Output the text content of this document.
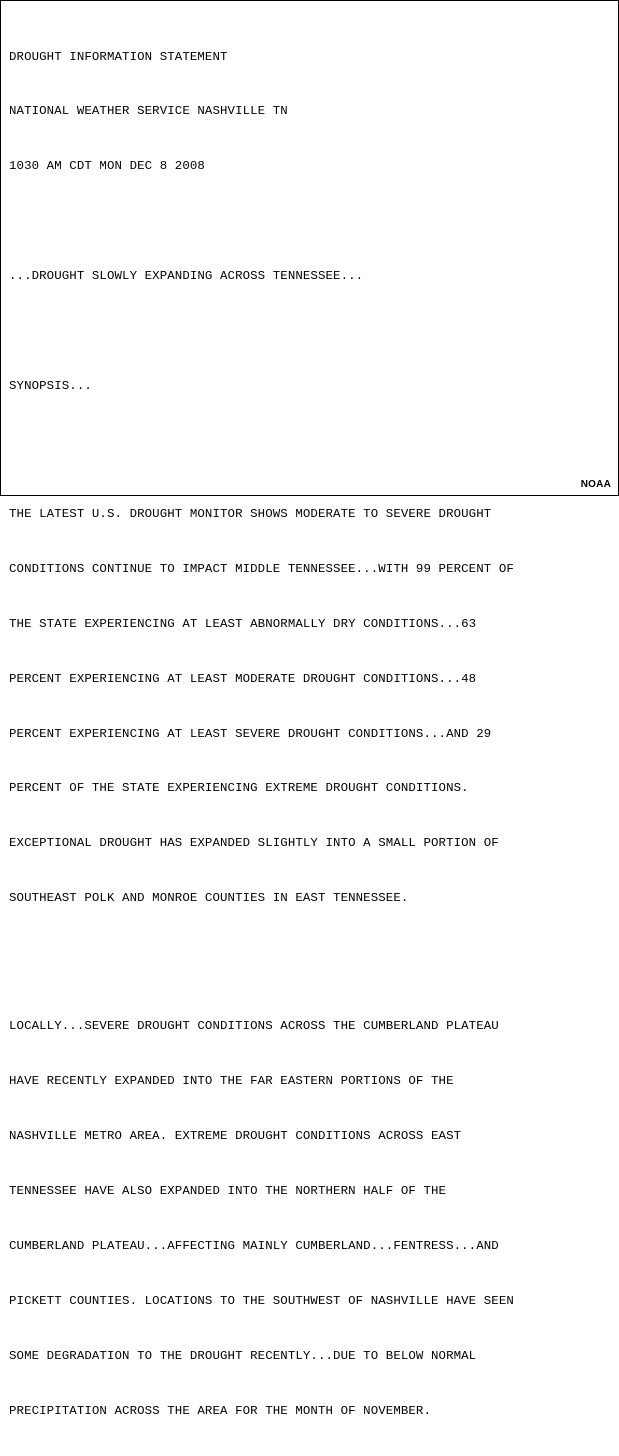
DROUGHT INFORMATION STATEMENT

NATIONAL WEATHER SERVICE NASHVILLE TN

1030 AM CDT MON DEC 8 2008

...DROUGHT SLOWLY EXPANDING ACROSS TENNESSEE...

SYNOPSIS...

THE LATEST U.S. DROUGHT MONITOR SHOWS MODERATE TO SEVERE DROUGHT

CONDITIONS CONTINUE TO IMPACT MIDDLE TENNESSEE...WITH 99 PERCENT OF

THE STATE EXPERIENCING AT LEAST ABNORMALLY DRY CONDITIONS...63

PERCENT EXPERIENCING AT LEAST MODERATE DROUGHT CONDITIONS...48

PERCENT EXPERIENCING AT LEAST SEVERE DROUGHT CONDITIONS...AND 29

PERCENT OF THE STATE EXPERIENCING EXTREME DROUGHT CONDITIONS.

EXCEPTIONAL DROUGHT HAS EXPANDED SLIGHTLY INTO A SMALL PORTION OF

SOUTHEAST POLK AND MONROE COUNTIES IN EAST TENNESSEE.

LOCALLY...SEVERE DROUGHT CONDITIONS ACROSS THE CUMBERLAND PLATEAU

HAVE RECENTLY EXPANDED INTO THE FAR EASTERN PORTIONS OF THE

NASHVILLE METRO AREA. EXTREME DROUGHT CONDITIONS ACROSS EAST

TENNESSEE HAVE ALSO EXPANDED INTO THE NORTHERN HALF OF THE

CUMBERLAND PLATEAU...AFFECTING MAINLY CUMBERLAND...FENTRESS...AND

PICKETT COUNTIES. LOCATIONS TO THE SOUTHWEST OF NASHVILLE HAVE SEEN

SOME DEGRADATION TO THE DROUGHT RECENTLY...DUE TO BELOW NORMAL

PRECIPITATION ACROSS THE AREA FOR THE MONTH OF NOVEMBER.

NOAA
